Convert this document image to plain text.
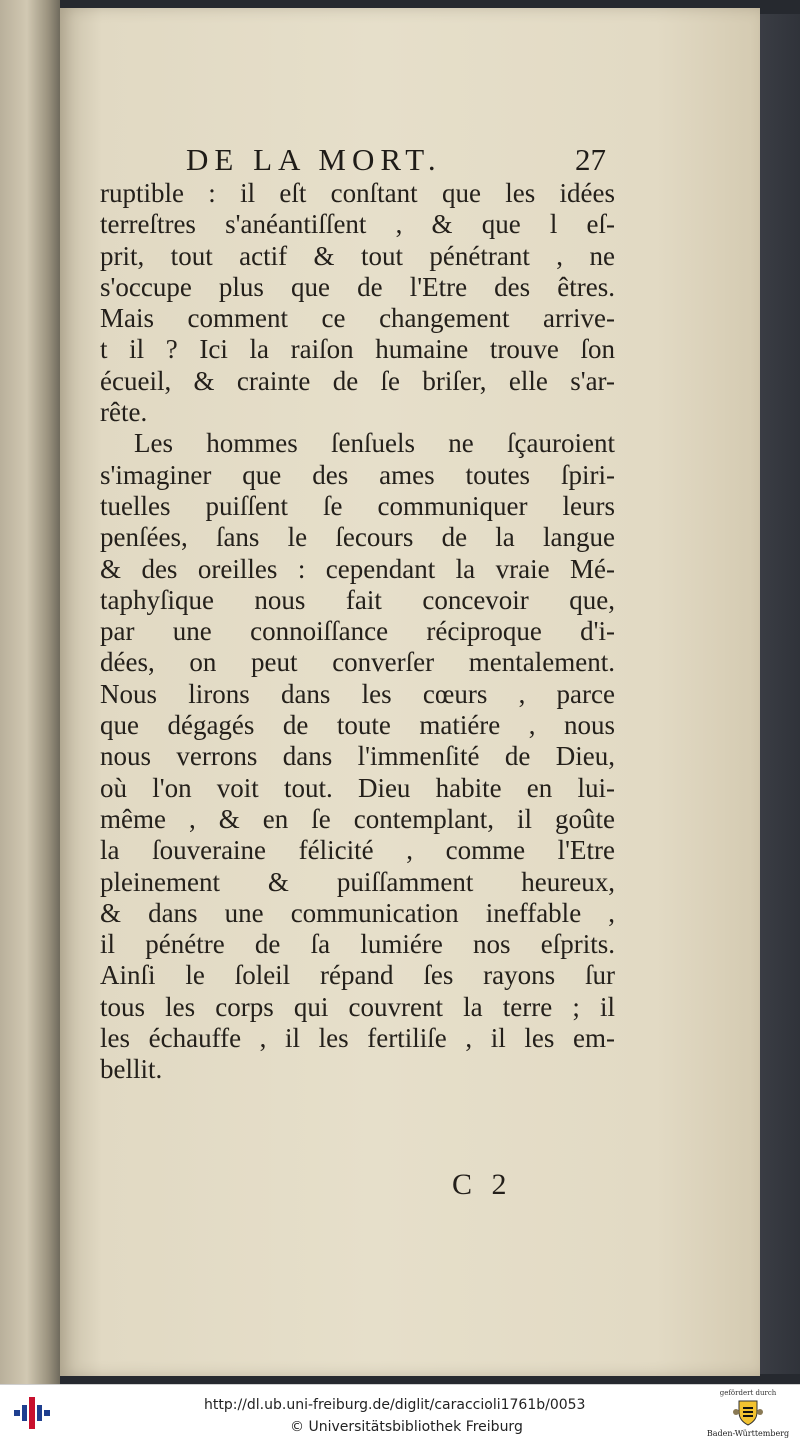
DE LA MORT.	27
ruptible : il eſt conſtant que les idées
terreſtres s'anéantiſſent , & que l eſ-
prit, tout actif & tout pénétrant , ne
s'occupe plus que de l'Etre des êtres.
Mais comment ce changement arrive-
t il ? Ici la raiſon humaine trouve ſon
écueil, & crainte de ſe briſer, elle s'ar-
rête.
Les hommes ſenſuels ne ſçauroient
s'imaginer que des ames toutes ſpiri-
tuelles puiſſent ſe communiquer leurs
penſées, ſans le ſecours de la langue
& des oreilles : cependant la vraie Mé-
taphyſique nous fait concevoir que,
par une connoiſſance réciproque d'i-
dées, on peut converſer mentalement.
Nous lirons dans les cœurs , parce
que dégagés de toute matiére , nous
nous verrons dans l'immenſité de Dieu,
où l'on voit tout. Dieu habite en lui-
même , & en ſe contemplant, il goûte
la ſouveraine félicité , comme l'Etre
pleinement & puiſſamment heureux,
& dans une communication ineffable ,
il pénétre de ſa lumiére nos eſprits.
Ainſi le ſoleil répand ſes rayons ſur
tous les corps qui couvrent la terre ; il
les échauffe , il les fertiliſe , il les em-
bellit.
C 2
http://dl.ub.uni-freiburg.de/diglit/caraccioli1761b/0053
© Universitätsbibliothek Freiburg
gefördert durch
Baden-Württemberg
